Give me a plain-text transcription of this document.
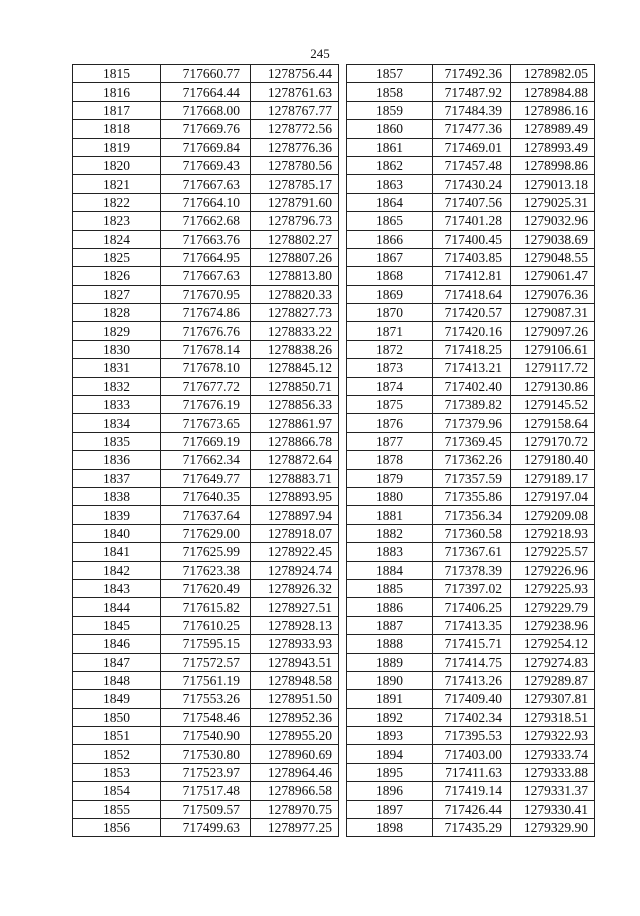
245
1815	717660.77	1278756.44
1816	717664.44	1278761.63
1817	717668.00	1278767.77
1818	717669.76	1278772.56
1819	717669.84	1278776.36
1820	717669.43	1278780.56
1821	717667.63	1278785.17
1822	717664.10	1278791.60
1823	717662.68	1278796.73
1824	717663.76	1278802.27
1825	717664.95	1278807.26
1826	717667.63	1278813.80
1827	717670.95	1278820.33
1828	717674.86	1278827.73
1829	717676.76	1278833.22
1830	717678.14	1278838.26
1831	717678.10	1278845.12
1832	717677.72	1278850.71
1833	717676.19	1278856.33
1834	717673.65	1278861.97
1835	717669.19	1278866.78
1836	717662.34	1278872.64
1837	717649.77	1278883.71
1838	717640.35	1278893.95
1839	717637.64	1278897.94
1840	717629.00	1278918.07
1841	717625.99	1278922.45
1842	717623.38	1278924.74
1843	717620.49	1278926.32
1844	717615.82	1278927.51
1845	717610.25	1278928.13
1846	717595.15	1278933.93
1847	717572.57	1278943.51
1848	717561.19	1278948.58
1849	717553.26	1278951.50
1850	717548.46	1278952.36
1851	717540.90	1278955.20
1852	717530.80	1278960.69
1853	717523.97	1278964.46
1854	717517.48	1278966.58
1855	717509.57	1278970.75
1856	717499.63	1278977.25
1857	717492.36	1278982.05
1858	717487.92	1278984.88
1859	717484.39	1278986.16
1860	717477.36	1278989.49
1861	717469.01	1278993.49
1862	717457.48	1278998.86
1863	717430.24	1279013.18
1864	717407.56	1279025.31
1865	717401.28	1279032.96
1866	717400.45	1279038.69
1867	717403.85	1279048.55
1868	717412.81	1279061.47
1869	717418.64	1279076.36
1870	717420.57	1279087.31
1871	717420.16	1279097.26
1872	717418.25	1279106.61
1873	717413.21	1279117.72
1874	717402.40	1279130.86
1875	717389.82	1279145.52
1876	717379.96	1279158.64
1877	717369.45	1279170.72
1878	717362.26	1279180.40
1879	717357.59	1279189.17
1880	717355.86	1279197.04
1881	717356.34	1279209.08
1882	717360.58	1279218.93
1883	717367.61	1279225.57
1884	717378.39	1279226.96
1885	717397.02	1279225.93
1886	717406.25	1279229.79
1887	717413.35	1279238.96
1888	717415.71	1279254.12
1889	717414.75	1279274.83
1890	717413.26	1279289.87
1891	717409.40	1279307.81
1892	717402.34	1279318.51
1893	717395.53	1279322.93
1894	717403.00	1279333.74
1895	717411.63	1279333.88
1896	717419.14	1279331.37
1897	717426.44	1279330.41
1898	717435.29	1279329.90
